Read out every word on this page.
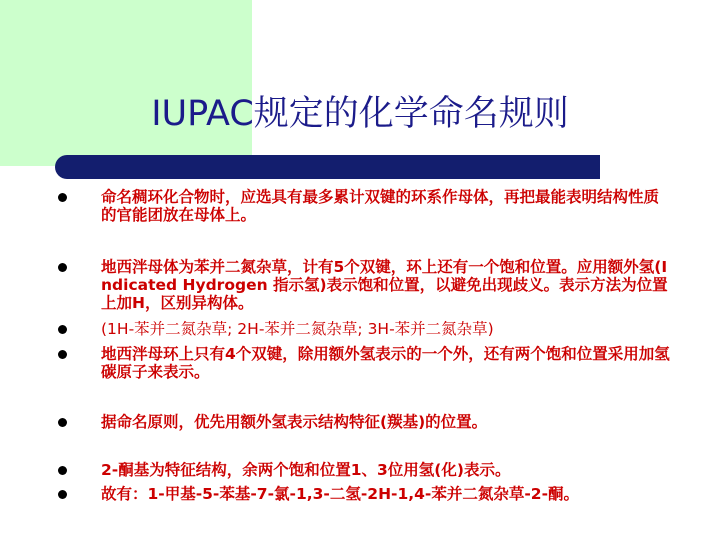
IUPAC规定的化学命名规则
命名稠环化合物时，应选具有最多累计双键的环系作母体，再把最能表明结构性质的官能团放在母体上。
地西泮母体为苯并二氮杂草，计有5个双键，环上还有一个饱和位置。应用额外氢(Indicated Hydrogen 指示氢)表示饱和位置，以避免出现歧义。表示方法为位置上加H，区别异构体。
(1H-苯并二氮杂草; 2H-苯并二氮杂草; 3H-苯并二氮杂草)
地西泮母环上只有4个双键，除用额外氢表示的一个外，还有两个饱和位置采用加氢碳原子来表示。
据命名原则，优先用额外氢表示结构特征(羰基)的位置。
2-酮基为特征结构，余两个饱和位置1、3位用氢(化)表示。
故有：1-甲基-5-苯基-7-氯-1,3-二氢-2H-1,4-苯并二氮杂草-2-酮。
